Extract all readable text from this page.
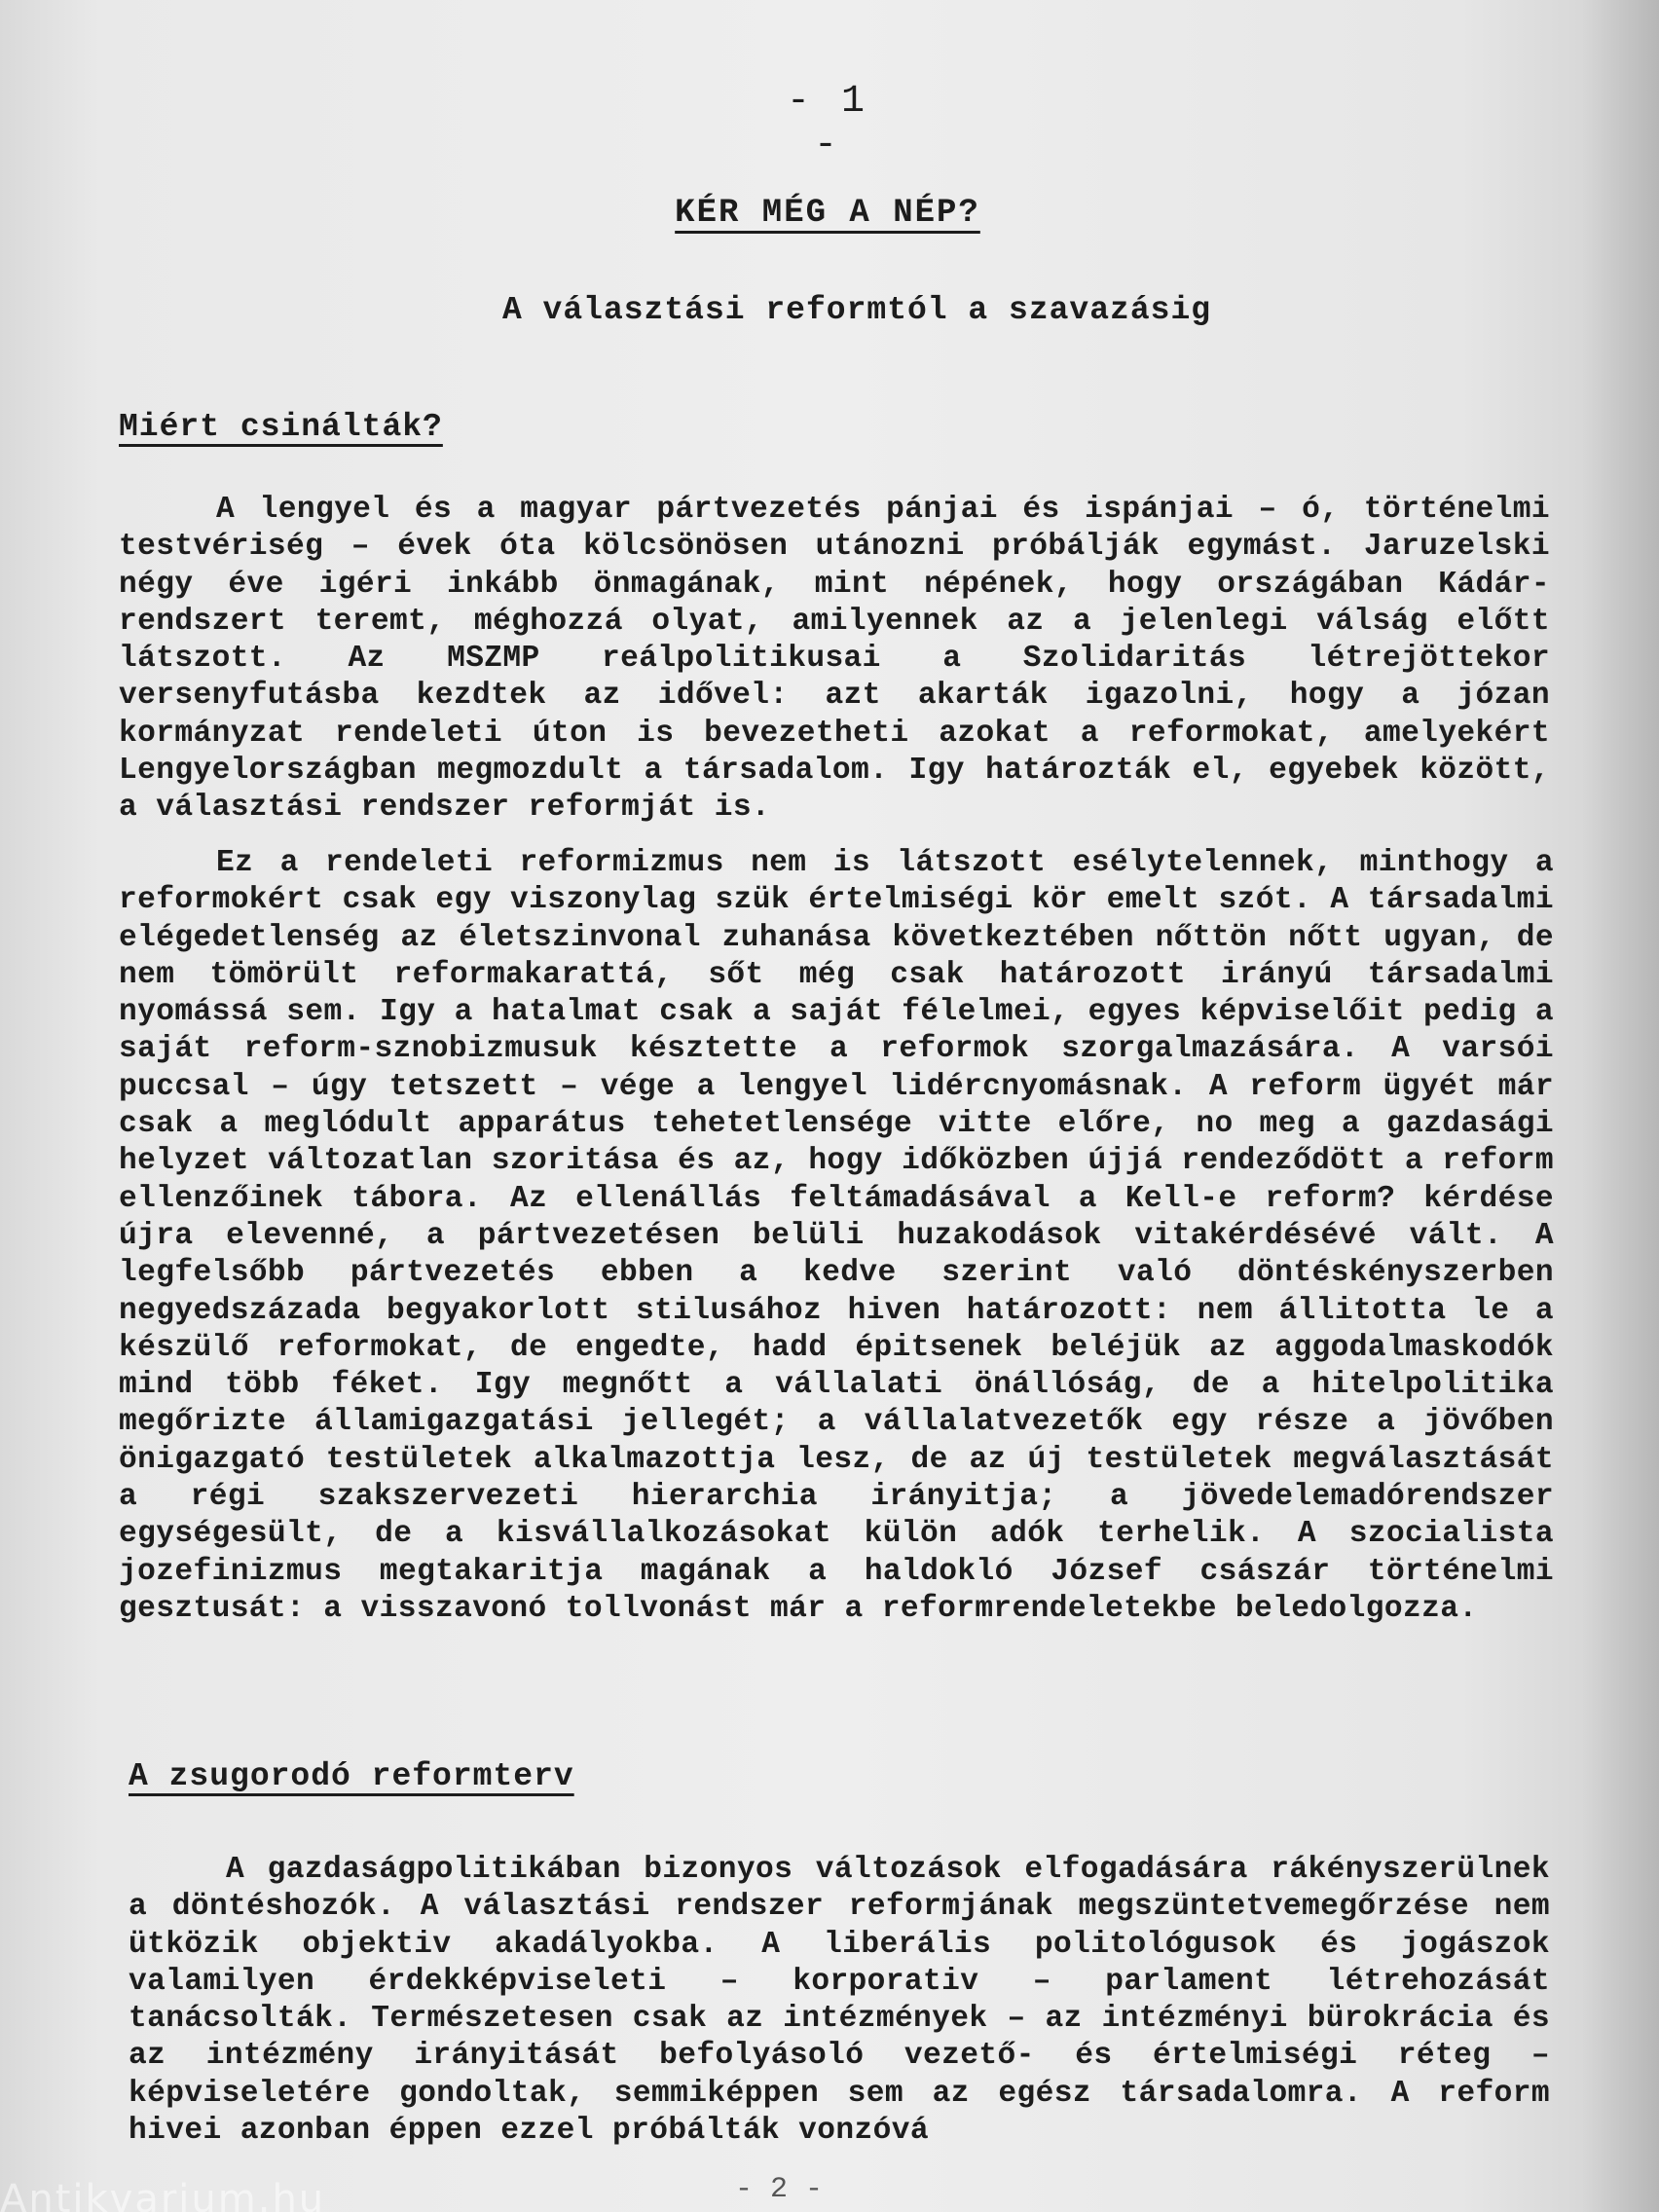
- 1 -
KÉR MÉG A NÉP?
A választási reformtól a szavazásig
Miért csinálták?

A lengyel és a magyar pártvezetés pánjai és ispánjai – ó, történelmi testvériség – évek óta kölcsönösen utánozni próbálják egymást. Jaruzelski négy éve igéri inkább önmagának, mint népének, hogy országában Kádár-rendszert teremt, méghozzá olyat, amilyennek az a jelenlegi válság előtt látszott. Az MSZMP reálpolitikusai a Szolidaritás létrejöttekor versenyfutásba kezdtek az idővel: azt akarták igazolni, hogy a józan kormányzat rendeleti úton is bevezetheti azokat a reformokat, amelyekért Lengyelországban megmozdult a társadalom. Igy határozták el, egyebek között, a választási rendszer reformját is.

Ez a rendeleti reformizmus nem is látszott esélytelennek, minthogy a reformokért csak egy viszonylag szük értelmiségi kör emelt szót. A társadalmi elégedetlenség az életszinvonal zuhanása következtében nőttön nőtt ugyan, de nem tömörült reformakarattá, sőt még csak határozott irányú társadalmi nyomássá sem. Igy a hatalmat csak a saját félelmei, egyes képviselőit pedig a saját reform-sznobizmusuk késztette a reformok szorgalmazására. A varsói puccsal – úgy tetszett – vége a lengyel lidércnyomásnak. A reform ügyét már csak a meglódult apparátus tehetetlensége vitte előre, no meg a gazdasági helyzet változatlan szoritása és az, hogy időközben újjá rendeződött a reform ellenzőinek tábora. Az ellenállás feltámadásával a Kell-e reform? kérdése újra elevenné, a pártvezetésen belüli huzakodások vitakérdésévé vált. A legfelsőbb pártvezetés ebben a kedve szerint való döntéskényszerben negyedszázada begyakorlott stilusához hiven határozott: nem állitotta le a készülő reformokat, de engedte, hadd épitsenek beléjük az aggodalmaskodók mind több féket. Igy megnőtt a vállalati önállóság, de a hitelpolitika megőrizte államigazgatási jellegét; a vállalatvezetők egy része a jövőben önigazgató testületek alkalmazottja lesz, de az új testületek megválasztását a régi szakszervezeti hierarchia irányitja; a jövedelemadórendszer egységesült, de a kisvállalkozásokat külön adók terhelik. A szocialista jozefinizmus megtakaritja magának a haldokló József császár történelmi gesztusát: a visszavonó tollvonást már a reformrendeletekbe beledolgozza.

A zsugorodó reformterv

A gazdaságpolitikában bizonyos változások elfogadására rákényszerülnek a döntéshozók. A választási rendszer reformjának megszüntetvemegőrzése nem ütközik objektiv akadályokba. A liberális politológusok és jogászok valamilyen érdekképviseleti – korporativ – parlament létrehozását tanácsolták. Természetesen csak az intézmények – az intézményi bürokrácia és az intézmény irányitását befolyásoló vezető- és értelmiségi réteg – képviseletére gondoltak, semmiképpen sem az egész társadalomra. A reform hivei azonban éppen ezzel próbálták vonzóvá

- 2 -
Antikvarium.hu
